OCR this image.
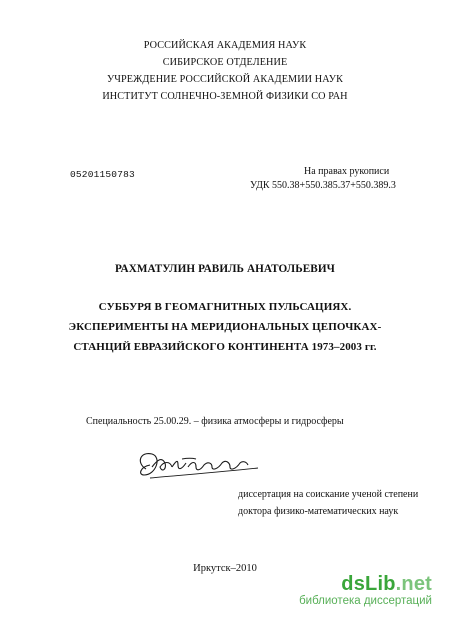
РОССИЙСКАЯ АКАДЕМИЯ НАУК
СИБИРСКОЕ ОТДЕЛЕНИЕ
УЧРЕЖДЕНИЕ РОССИЙСКОЙ АКАДЕМИИ НАУК
ИНСТИТУТ СОЛНЕЧНО-ЗЕМНОЙ ФИЗИКИ СО РАН
05201150783	На правах рукописи
УДК 550.38+550.385.37+550.389.3
РАХМАТУЛИН РАВИЛЬ АНАТОЛЬЕВИЧ
СУББУРЯ В ГЕОМАГНИТНЫХ ПУЛЬСАЦИЯХ.
ЭКСПЕРИМЕНТЫ НА МЕРИДИОНАЛЬНЫХ ЦЕПОЧКАХ-
СТАНЦИЙ ЕВРАЗИЙСКОГО КОНТИНЕНТА 1973–2003 гг.
Специальность 25.00.29. – физика атмосферы и гидросферы
диссертация на соискание ученой степени
доктора физико-математических наук
Иркутск–2010
dsLib.net
библиотека диссертаций
